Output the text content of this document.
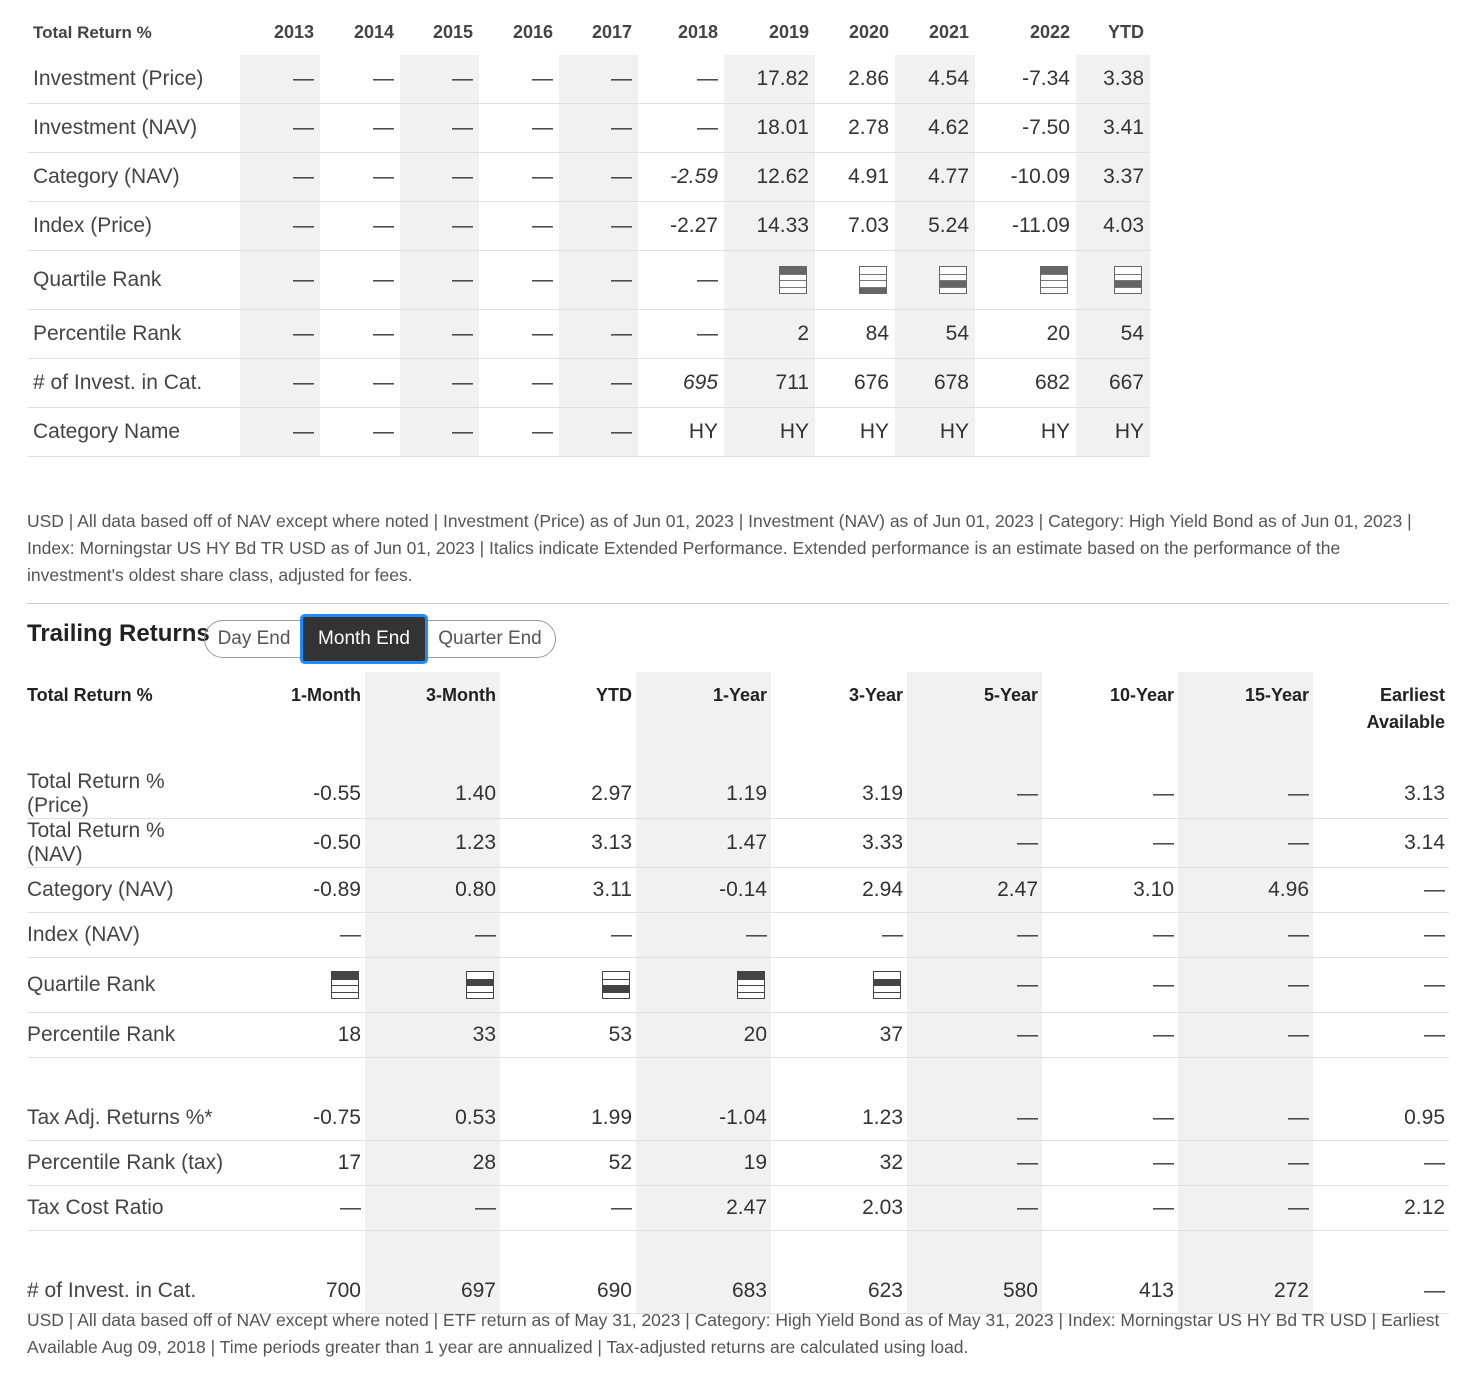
Total Return %	2013	2014	2015	2016	2017	2018	2019	2020	2021	2022	YTD
Investment (Price)	—	—	—	—	—	—	17.82	2.86	4.54	-7.34	3.38
Investment (NAV)	—	—	—	—	—	—	18.01	2.78	4.62	-7.50	3.41
Category (NAV)	—	—	—	—	—	-2.59	12.62	4.91	4.77	-10.09	3.37
Index (Price)	—	—	—	—	—	-2.27	14.33	7.03	5.24	-11.09	4.03
Quartile Rank	—	—	—	—	—	—	

Percentile Rank	—	—	—	—	—	—	2	84	54	20	54
# of Invest. in Cat.	—	—	—	—	—	695	711	676	678	682	667
Category Name	—	—	—	—	—	HY	HY	HY	HY	HY	HY
USD | All data based off of NAV except where noted | Investment (Price) as of Jun 01, 2023 | Investment (NAV) as of Jun 01, 2023 | Category: High Yield Bond as of Jun 01, 2023 | Index: Morningstar US HY Bd TR USD as of Jun 01, 2023 | Italics indicate Extended Performance. Extended performance is an estimate based on the performance of the investment's oldest share class, adjusted for fees.
Trailing Returns Day End	Month End	Quarter End
Total Return %	1-Month	3-Month	YTD	1-Year	3-Year	5-Year	10-Year	15-Year	Earliest Available
Total Return % (Price)	-0.55	1.40	2.97	1.19	3.19	—	—	—	3.13
Total Return % (NAV)	-0.50	1.23	3.13	1.47	3.33	—	—	—	3.14
Category (NAV)	-0.89	0.80	3.11	-0.14	2.94	2.47	3.10	4.96	—
Index (NAV)	—	—	—	—	—	—	—	—	—
Quartile Rank						—	—	—	—
Percentile Rank	18	33	53	20	37	—	—	—	—

Tax Adj. Returns %*	-0.75	0.53	1.99	-1.04	1.23	—	—	—	0.95
Percentile Rank (tax)	17	28	52	19	32	—	—	—	—
Tax Cost Ratio	—	—	—	2.47	2.03	—	—	—	2.12

# of Invest. in Cat.	700	697	690	683	623	580	413	272	—
USD | All data based off of NAV except where noted | ETF return as of May 31, 2023 | Category: High Yield Bond as of May 31, 2023 | Index: Morningstar US HY Bd TR USD | Earliest Available Aug 09, 2018 | Time periods greater than 1 year are annualized | Tax-adjusted returns are calculated using load.
